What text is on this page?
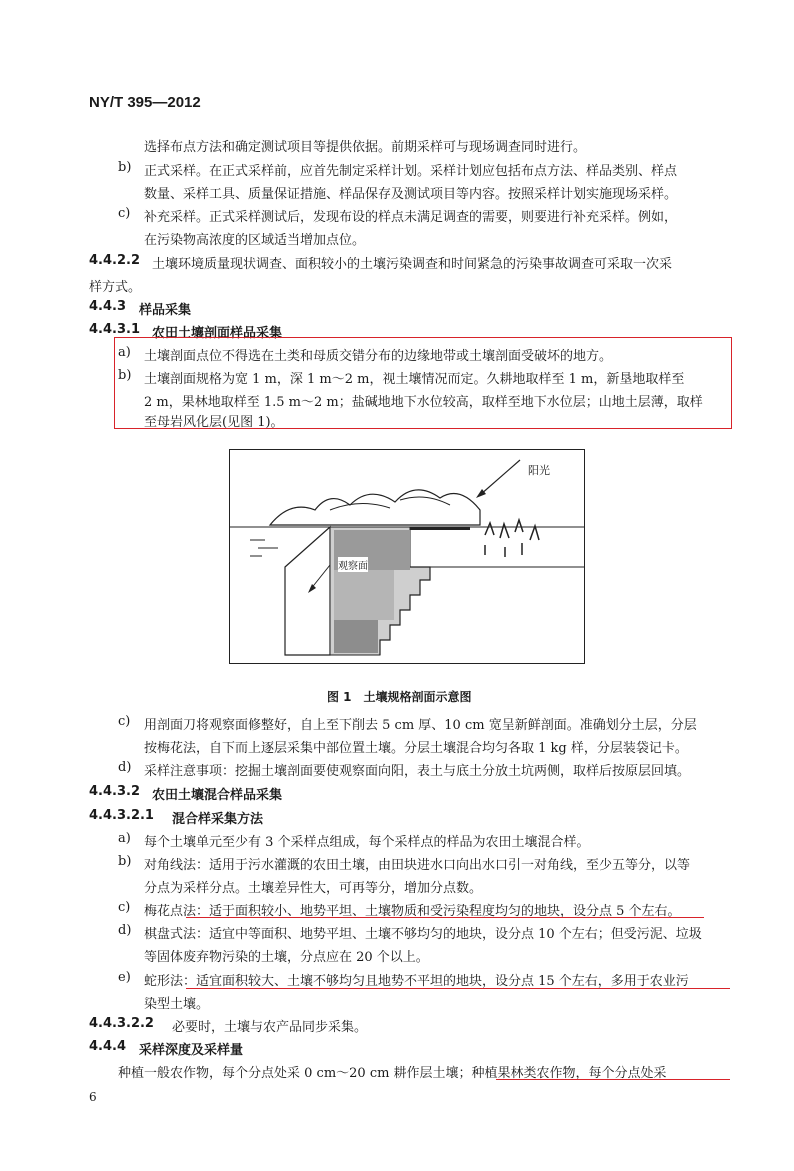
NY/T 395—2012
选择布点方法和确定测试项目等提供依据。前期采样可与现场调查同时进行。
b) 正式采样。在正式采样前，应首先制定采样计划。采样计划应包括布点方法、样品类别、样点
数量、采样工具、质量保证措施、样品保存及测试项目等内容。按照采样计划实施现场采样。
c) 补充采样。正式采样测试后，发现布设的样点未满足调查的需要，则要进行补充采样。例如，
在污染物高浓度的区域适当增加点位。
4.4.2.2 土壤环境质量现状调查、面积较小的土壤污染调查和时间紧急的污染事故调查可采取一次采
样方式。
4.4.3 样品采集
4.4.3.1 农田土壤剖面样品采集
a) 土壤剖面点位不得选在土类和母质交错分布的边缘地带或土壤剖面受破坏的地方。
b) 土壤剖面规格为宽 1 m，深 1 m～2 m，视土壤情况而定。久耕地取样至 1 m，新垦地取样至
2 m，果林地取样至 1.5 m～2 m；盐碱地地下水位较高，取样至地下水位层；山地土层薄，取样
至母岩风化层(见图 1)。
阳光
观察面
图 1　土壤规格剖面示意图
c) 用剖面刀将观察面修整好，自上至下削去 5 cm 厚、10 cm 宽呈新鲜剖面。准确划分土层，分层
按梅花法，自下而上逐层采集中部位置土壤。分层土壤混合均匀各取 1 kg 样，分层装袋记卡。
d) 采样注意事项：挖掘土壤剖面要使观察面向阳，表土与底土分放土坑两侧，取样后按原层回填。
4.4.3.2 农田土壤混合样品采集
4.4.3.2.1 混合样采集方法
a) 每个土壤单元至少有 3 个采样点组成，每个采样点的样品为农田土壤混合样。
b) 对角线法：适用于污水灌溉的农田土壤，由田块进水口向出水口引一对角线，至少五等分，以等
分点为采样分点。土壤差异性大，可再等分，增加分点数。
c) 梅花点法：适于面积较小、地势平坦、土壤物质和受污染程度均匀的地块，设分点 5 个左右。
d) 棋盘式法：适宜中等面积、地势平坦、土壤不够均匀的地块，设分点 10 个左右；但受污泥、垃圾
等固体废弃物污染的土壤，分点应在 20 个以上。
e) 蛇形法：适宜面积较大、土壤不够均匀且地势不平坦的地块，设分点 15 个左右，多用于农业污
染型土壤。
4.4.3.2.2 必要时，土壤与农产品同步采集。
4.4.4 采样深度及采样量
种植一般农作物，每个分点处采 0 cm～20 cm 耕作层土壤；种植果林类农作物，每个分点处采
6
